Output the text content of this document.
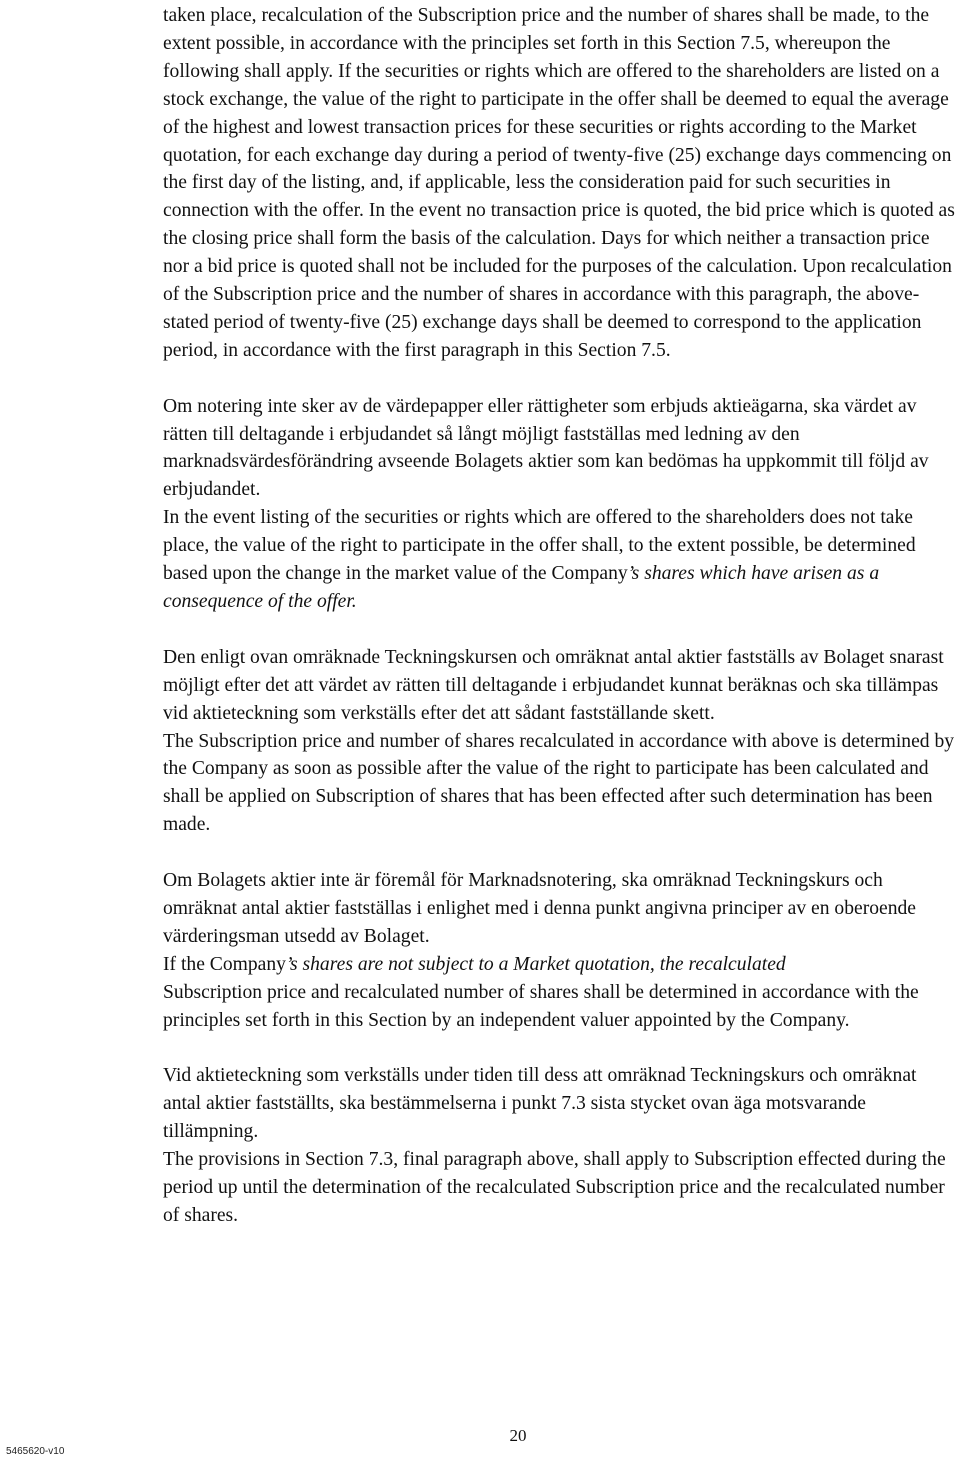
taken place, recalculation of the Subscription price and the number of shares shall be made, to the extent possible, in accordance with the principles set forth in this Section 7.5, whereupon the following shall apply. If the securities or rights which are offered to the shareholders are listed on a stock exchange, the value of the right to participate in the offer shall be deemed to equal the average of the highest and lowest transaction prices for these securities or rights according to the Market quotation, for each exchange day during a period of twenty-five (25) exchange days commencing on the first day of the listing, and, if applicable, less the consideration paid for such securities in connection with the offer. In the event no transaction price is quoted, the bid price which is quoted as the closing price shall form the basis of the calculation. Days for which neither a transaction price nor a bid price is quoted shall not be included for the purposes of the calculation. Upon recalculation of the Subscription price and the number of shares in accordance with this paragraph, the above-stated period of twenty-five (25) exchange days shall be deemed to correspond to the application period, in accordance with the first paragraph in this Section 7.5.

Om notering inte sker av de värdepapper eller rättigheter som erbjuds aktieägarna, ska värdet av rätten till deltagande i erbjudandet så långt möjligt fastställas med ledning av den marknadsvärdesförändring avseende Bolagets aktier som kan bedömas ha uppkommit till följd av erbjudandet.

In the event listing of the securities or rights which are offered to the shareholders does not take place, the value of the right to participate in the offer shall, to the extent possible, be determined based upon the change in the market value of the Company’s shares which have arisen as a consequence of the offer.

Den enligt ovan omräknade Teckningskursen och omräknat antal aktier fastställs av Bolaget snarast möjligt efter det att värdet av rätten till deltagande i erbjudandet kunnat beräknas och ska tillämpas vid aktieteckning som verkställs efter det att sådant fastställande skett.

The Subscription price and number of shares recalculated in accordance with above is determined by the Company as soon as possible after the value of the right to participate has been calculated and shall be applied on Subscription of shares that has been effected after such determination has been made.

Om Bolagets aktier inte är föremål för Marknadsnotering, ska omräknad Teckningskurs och omräknat antal aktier fastställas i enlighet med i denna punkt angivna principer av en oberoende värderingsman utsedd av Bolaget.

If the Company’s shares are not subject to a Market quotation, the recalculated
Subscription price and recalculated number of shares shall be determined in accordance with the principles set forth in this Section by an independent valuer appointed by the Company.

Vid aktieteckning som verkställs under tiden till dess att omräknad Teckningskurs och omräknat antal aktier fastställts, ska bestämmelserna i punkt 7.3 sista stycket ovan äga motsvarande tillämpning.

The provisions in Section 7.3, final paragraph above, shall apply to Subscription effected during the period up until the determination of the recalculated Subscription price and the recalculated number of shares.

20
5465620-v10
